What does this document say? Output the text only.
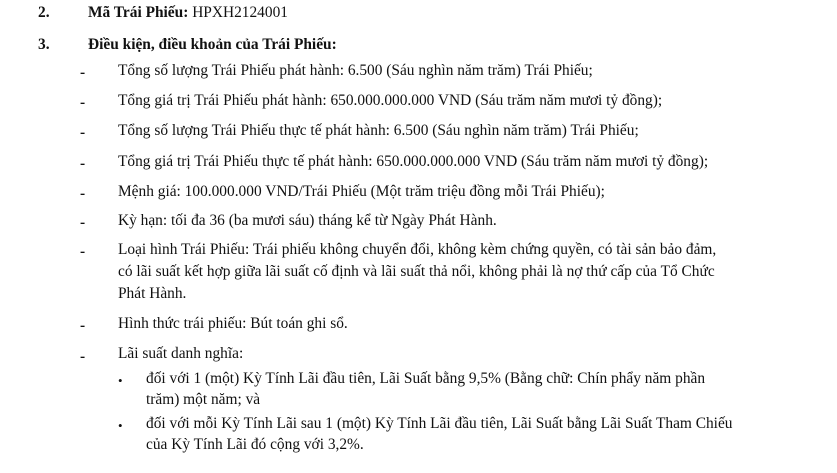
2. Mã Trái Phiếu: HPXH2124001
3. Điều kiện, điều khoản của Trái Phiếu:
- Tổng số lượng Trái Phiếu phát hành: 6.500 (Sáu nghìn năm trăm) Trái Phiếu;
- Tổng giá trị Trái Phiếu phát hành: 650.000.000.000 VND (Sáu trăm năm mươi tỷ đồng);
- Tổng số lượng Trái Phiếu thực tế phát hành: 6.500 (Sáu nghìn năm trăm) Trái Phiếu;
- Tổng giá trị Trái Phiếu thực tế phát hành: 650.000.000.000 VND (Sáu trăm năm mươi tỷ đồng);
- Mệnh giá: 100.000.000 VND/Trái Phiếu (Một trăm triệu đồng mỗi Trái Phiếu);
- Kỳ hạn: tối đa 36 (ba mươi sáu) tháng kể từ Ngày Phát Hành.
- Loại hình Trái Phiếu: Trái phiếu không chuyển đổi, không kèm chứng quyền, có tài sản bảo đảm,
có lãi suất kết hợp giữa lãi suất cố định và lãi suất thả nổi, không phải là nợ thứ cấp của Tổ Chức
Phát Hành.
- Hình thức trái phiếu: Bút toán ghi sổ.
- Lãi suất danh nghĩa:
• đối với 1 (một) Kỳ Tính Lãi đầu tiên, Lãi Suất bằng 9,5% (Bằng chữ: Chín phẩy năm phần
trăm) một năm; và
• đối với mỗi Kỳ Tính Lãi sau 1 (một) Kỳ Tính Lãi đầu tiên, Lãi Suất bằng Lãi Suất Tham Chiếu
của Kỳ Tính Lãi đó cộng với 3,2%.
